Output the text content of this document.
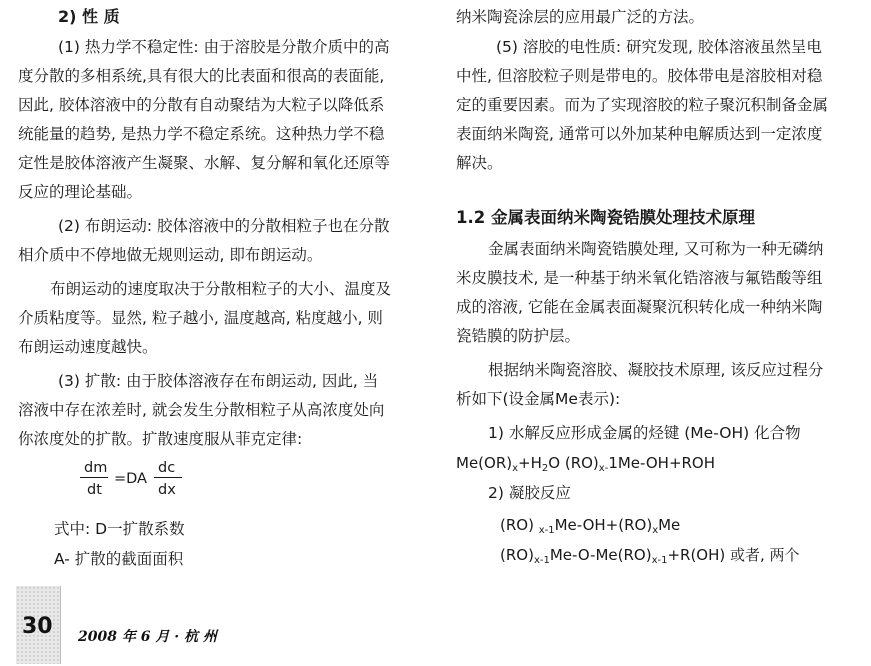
2) 性 质
(1) 热力学不稳定性: 由于溶胶是分散介质中的高
度分散的多相系统,具有很大的比表面和很高的表面能,
因此, 胶体溶液中的分散有自动聚结为大粒子以降低系
统能量的趋势, 是热力学不稳定系统。这种热力学不稳
定性是胶体溶液产生凝聚、水解、复分解和氧化还原等
反应的理论基础。
(2) 布朗运动: 胶体溶液中的分散相粒子也在分散
相介质中不停地做无规则运动, 即布朗运动。
布朗运动的速度取决于分散相粒子的大小、温度及
介质粘度等。显然, 粒子越小, 温度越高, 粘度越小, 则
布朗运动速度越快。
(3) 扩散: 由于胶体溶液存在布朗运动, 因此, 当
溶液中存在浓差时, 就会发生分散相粒子从高浓度处向
你浓度处的扩散。扩散速度服从菲克定律:
dm
dt
=DA
dc
dx
式中: D一扩散系数
A- 扩散的截面面积
纳米陶瓷涂层的应用最广泛的方法。
(5) 溶胶的电性质: 研究发现, 胶体溶液虽然呈电
中性, 但溶胶粒子则是带电的。胶体带电是溶胶相对稳
定的重要因素。而为了实现溶胶的粒子聚沉积制备金属
表面纳米陶瓷, 通常可以外加某种电解质达到一定浓度
解决。
1.2 金属表面纳米陶瓷锆膜处理技术原理
金属表面纳米陶瓷锆膜处理, 又可称为一种无磷纳
米皮膜技术, 是一种基于纳米氧化锆溶液与氟锆酸等组
成的溶液, 它能在金属表面凝聚沉积转化成一种纳米陶
瓷锆膜的防护层。
根据纳米陶瓷溶胶、凝胶技术原理, 该反应过程分
析如下(设金属Me表示):
1) 水解反应形成金属的烃键 (Me-OH) 化合物
$Me(OR)_x+H_2O$ $(RO)_{x-}1Me-OH+ROH$
2) 凝胶反应
(RO) $_{x-1}Me-OH+(RO)_xMe$
$(RO)_{x-1}Me-O-Me(RO)_{x-1}+R(OH)$ 或者, 两个
30 2008 年 6 月 · 杭 州
